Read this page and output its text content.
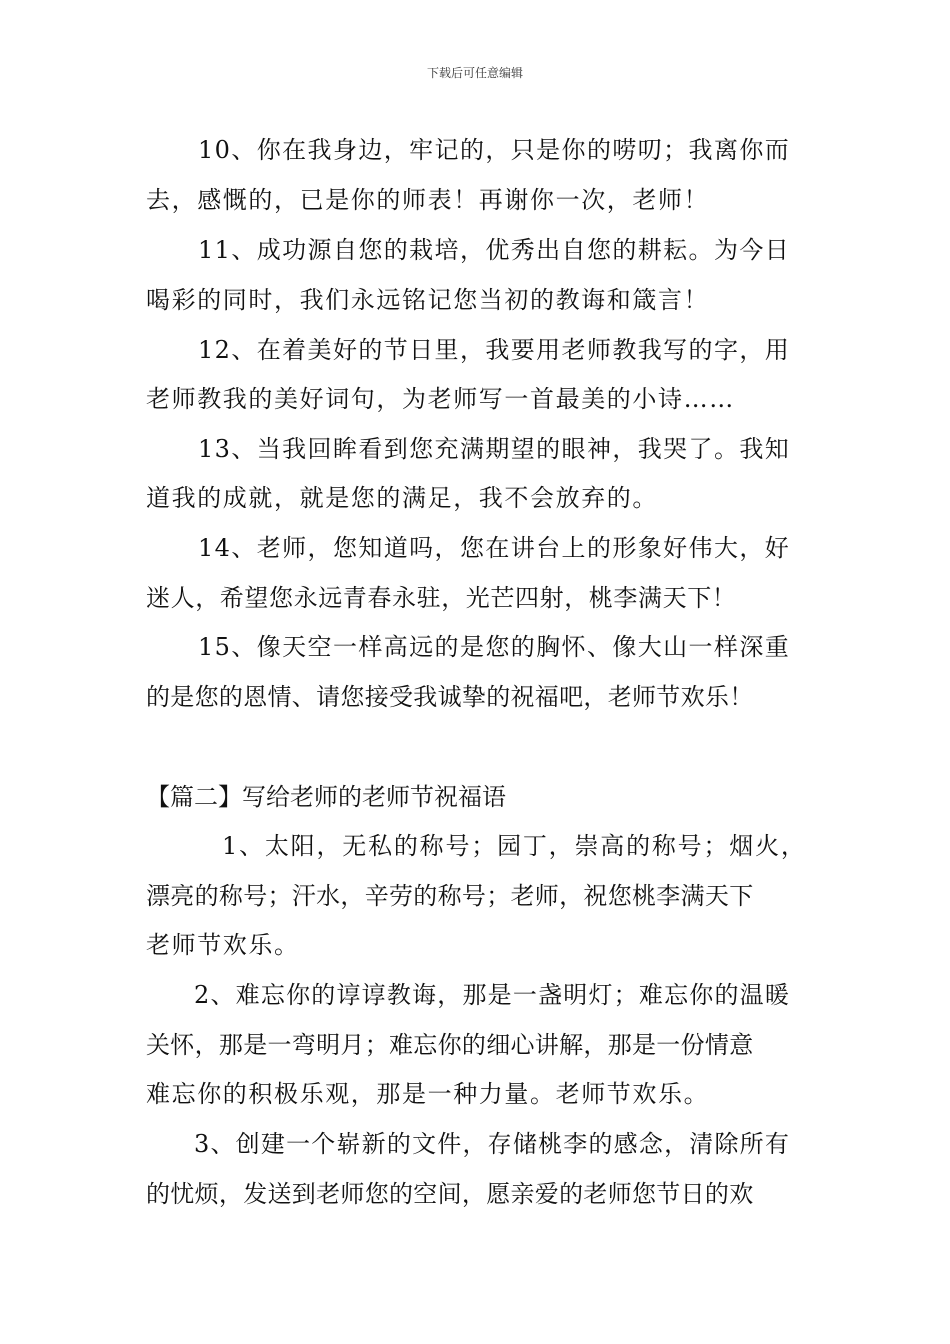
下载后可任意编辑
10、你在我身边，牢记的，只是你的唠叨；我离你而
去，感慨的，已是你的师表！再谢你一次，老师！
11、成功源自您的栽培，优秀出自您的耕耘。为今日
喝彩的同时，我们永远铭记您当初的教诲和箴言！
12、在着美好的节日里，我要用老师教我写的字，用
老师教我的美好词句，为老师写一首最美的小诗……
13、当我回眸看到您充满期望的眼神，我哭了。我知
道我的成就，就是您的满足，我不会放弃的。
14、老师，您知道吗，您在讲台上的形象好伟大，好
迷人，希望您永远青春永驻，光芒四射，桃李满天下！
15、像天空一样高远的是您的胸怀、像大山一样深重
的是您的恩情、请您接受我诚挚的祝福吧，老师节欢乐！
【篇二】写给老师的老师节祝福语
1、太阳，无私的称号；园丁，崇高的称号；烟火，
漂亮的称号；汗水，辛劳的称号；老师，祝您桃李满天下
老师节欢乐。
2、难忘你的谆谆教诲，那是一盏明灯；难忘你的温暖
关怀，那是一弯明月；难忘你的细心讲解，那是一份情意
难忘你的积极乐观，那是一种力量。老师节欢乐。
3、创建一个崭新的文件，存储桃李的感念，清除所有
的忧烦，发送到老师您的空间，愿亲爱的老师您节日的欢
